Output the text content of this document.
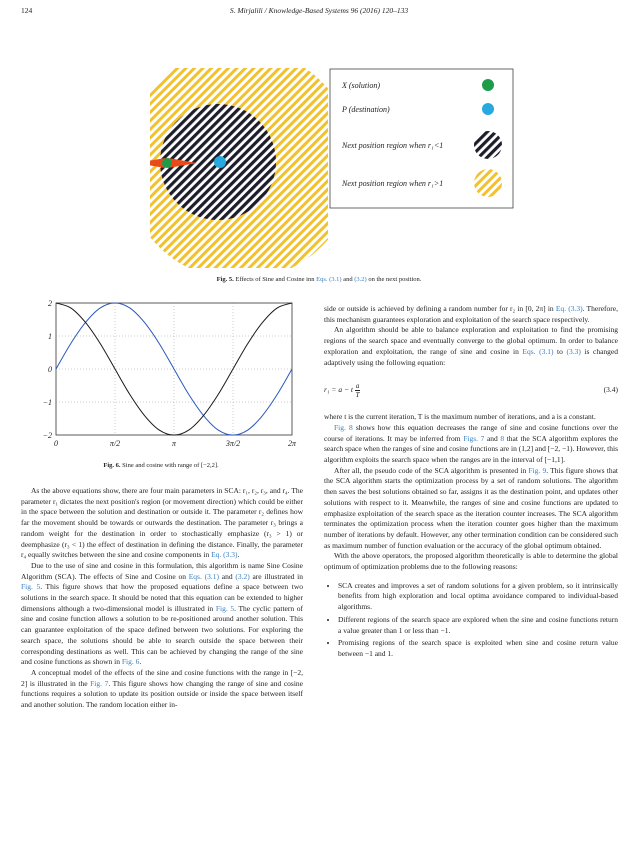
124	S. Mirjalili / Knowledge-Based Systems 96 (2016) 120–133
X (solution)
P (destination)
Next position region when r₁<1
Next position region when r₁>1
Fig. 5. Effects of Sine and Cosine inn Eqs. (3.1) and (3.2) on the next position.
0	π/2	π	3π/2	2π
2
1
0
−1
−2
Fig. 6. Sine and cosine with range of [−2,2].

As the above equations show, there are four main parameters in SCA: r₁, r₂, r₃, and r₄. The parameter r₁ dictates the next position's region (or movement direction) which could be either in the space between the solution and destination or outside it. The parameter r₂ defines how far the movement should be towards or outwards the destination. The parameter r₃ brings a random weight for the destination in order to stochastically emphasize (r₃ > 1) or deemphasize (r₃ < 1) the effect of destination in defining the distance. Finally, the parameter r₄ equally switches between the sine and cosine components in Eq. (3.3).

Due to the use of sine and cosine in this formulation, this algorithm is name Sine Cosine Algorithm (SCA). The effects of Sine and Cosine on Eqs. (3.1) and (3.2) are illustrated in Fig. 5. This figure shows that how the proposed equations define a space between two solutions in the search space. It should be noted that this equation can be extended to higher dimensions although a two-dimensional model is illustrated in Fig. 5. The cyclic pattern of sine and cosine function allows a solution to be re-positioned around another solution. This can guarantee exploitation of the space defined between two solutions. For exploring the search space, the solutions should be able to search outside the space between their corresponding destinations as well. This can be achieved by changing the range of the sine and cosine functions as shown in Fig. 6.

A conceptual model of the effects of the sine and cosine functions with the range in [−2, 2] is illustrated in the Fig. 7. This figure shows how changing the range of sine and cosine functions requires a solution to update its position outside or inside the space between itself and another solution. The random location either in-

side or outside is achieved by defining a random number for r₂ in [0, 2π] in Eq. (3.3). Therefore, this mechanism guarantees exploration and exploitation of the search space respectively.

An algorithm should be able to balance exploration and exploitation to find the promising regions of the search space and eventually converge to the global optimum. In order to balance exploration and exploitation, the range of sine and cosine in Eqs. (3.1) to (3.3) is changed adaptively using the following equation:

r₁ = a − t $\frac{a}{T}$	(3.4)

where t is the current iteration, T is the maximum number of iterations, and a is a constant.

Fig. 8 shows how this equation decreases the range of sine and cosine functions over the course of iterations. It may be inferred from Figs. 7 and 8 that the SCA algorithm explores the search space when the ranges of sine and cosine functions are in (1,2] and [−2, −1). However, this algorithm exploits the search space when the ranges are in the interval of [−1,1].

After all, the pseudo code of the SCA algorithm is presented in Fig. 9. This figure shows that the SCA algorithm starts the optimization process by a set of random solutions. The algorithm then saves the best solutions obtained so far, assigns it as the destination point, and updates other solutions with respect to it. Meanwhile, the ranges of sine and cosine functions are updated to emphasize exploitation of the search space as the iteration counter increases. The SCA algorithm terminates the optimization process when the iteration counter goes higher than the maximum number of iterations by default. However, any other termination condition can be considered such as maximum number of function evaluation or the accuracy of the global optimum obtained.

With the above operators, the proposed algorithm theoretically is able to determine the global optimum of optimization problems due to the following reasons:

• SCA creates and improves a set of random solutions for a given problem, so it intrinsically benefits from high exploration and local optima avoidance compared to individual-based algorithms.
• Different regions of the search space are explored when the sine and cosine functions return a value greater than 1 or less than −1.
• Promising regions of the search space is exploited when sine and cosine return value between −1 and 1.
